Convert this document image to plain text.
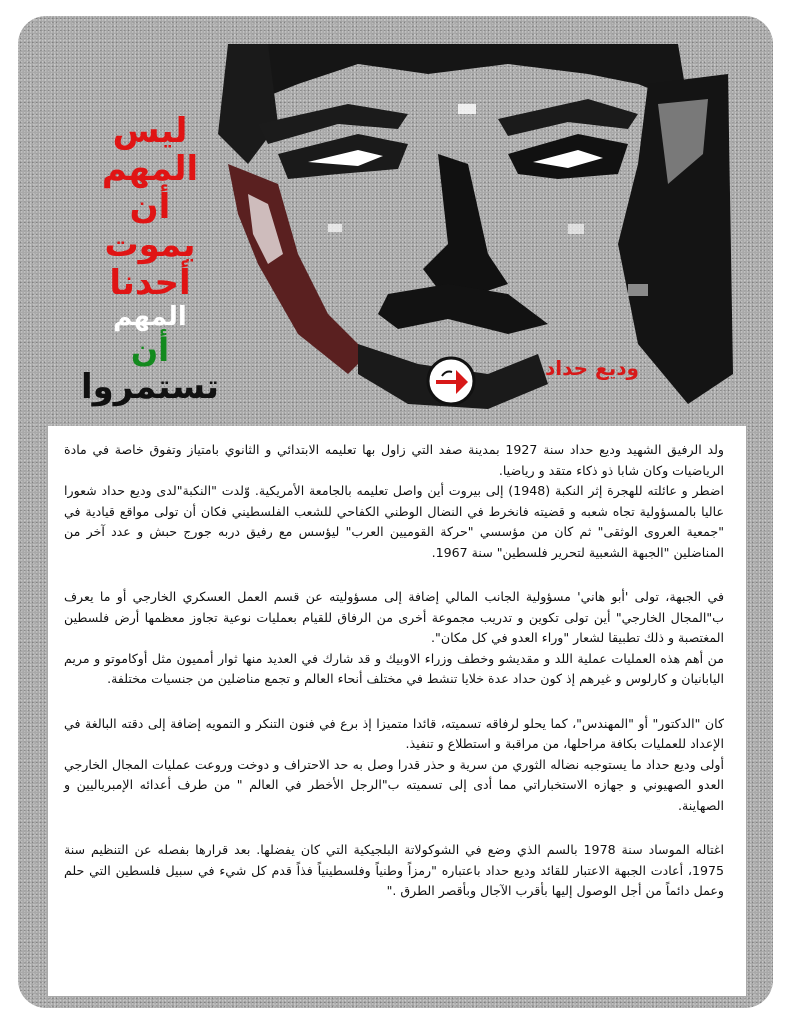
ليس
المهم
أن
يموت
أحدنا
المهم
أن
تستمروا	وديع حداد

ولد الرفيق الشهيد وديع حداد سنة 1927 بمدينة صفد التي زاول بها تعليمه الابتدائي و الثانوي بامتياز وتفوق خاصة في مادة الرياضيات وكان شابا ذو ذكاء متقد و رياضيا.

اضطر و عائلته للهجرة إثر النكبة (1948) إلى بيروت أين واصل تعليمه بالجامعة الأمريكية. وّلدت "النكبة"لدى وديع حداد شعورا عاليا بالمسؤولية تجاه شعبه و قضيته فانخرط في النضال الوطني الكفاحي للشعب الفلسطيني فكان أن تولى مواقع قيادية في "جمعية العروى الوثقى" ثم كان من مؤسسي "حركة القوميين العرب" ليؤسس مع رفيق دربه جورج حبش و عدد آخر من المناضلين "الجبهة الشعبية لتحرير فلسطين" سنة 1967.

في الجبهة، تولى 'أبو هاني' مسؤولية الجانب المالي إضافة إلى مسؤوليته عن قسم العمل العسكري الخارجي أو ما يعرف ب"المجال الخارجي" أين تولى تكوين و تدريب مجموعة أخرى من الرفاق للقيام بعمليات نوعية تجاوز معظمها أرض فلسطين المغتصبة و ذلك تطبيقا لشعار "وراء العدو في كل مكان".

من أهم هذه العمليات عملية اللد و مقديشو وخطف وزراء الاوبيك و قد شارك في العديد منها ثوار أمميون مثل أوكاموتو و مريم اليابانيان و كارلوس و غيرهم إذ كون حداد عدة خلايا تنشط في مختلف أنحاء العالم و تجمع مناضلين من جنسيات مختلفة.

كان "الدكتور" أو "المهندس"، كما يحلو لرفاقه تسميته، قائدا متميزا إذ برع في فنون التنكر و التمويه إضافة إلى دقته البالغة في الإعداد للعمليات بكافة مراحلها، من مراقبة و استطلاع و تنفيذ.

أولى وديع حداد ما يستوجبه نضاله الثوري من سرية و حذر قدرا وصل به حد الاحتراف و دوخت وروعت عمليات المجال الخارجي العدو الصهيوني و جهازه الاستخباراتي مما أدى إلى تسميته ب"الرجل الأخطر في العالم " من طرف أعدائه الإمبرياليين و الصهاينة.

اغتاله الموساد سنة 1978 بالسم الذي وضع في الشوكولاتة البلجيكية التي كان يفضلها. بعد قرارها بفصله عن التنظيم سنة 1975، أعادت الجبهة الاعتبار للقائد وديع حداد باعتباره "رمزاً وطنياً وفلسطينياً فذاً قدم كل شيء في سبيل فلسطين التي حلم وعمل دائماً من أجل الوصول إليها بأقرب الآجال وبأقصر الطرق ."
